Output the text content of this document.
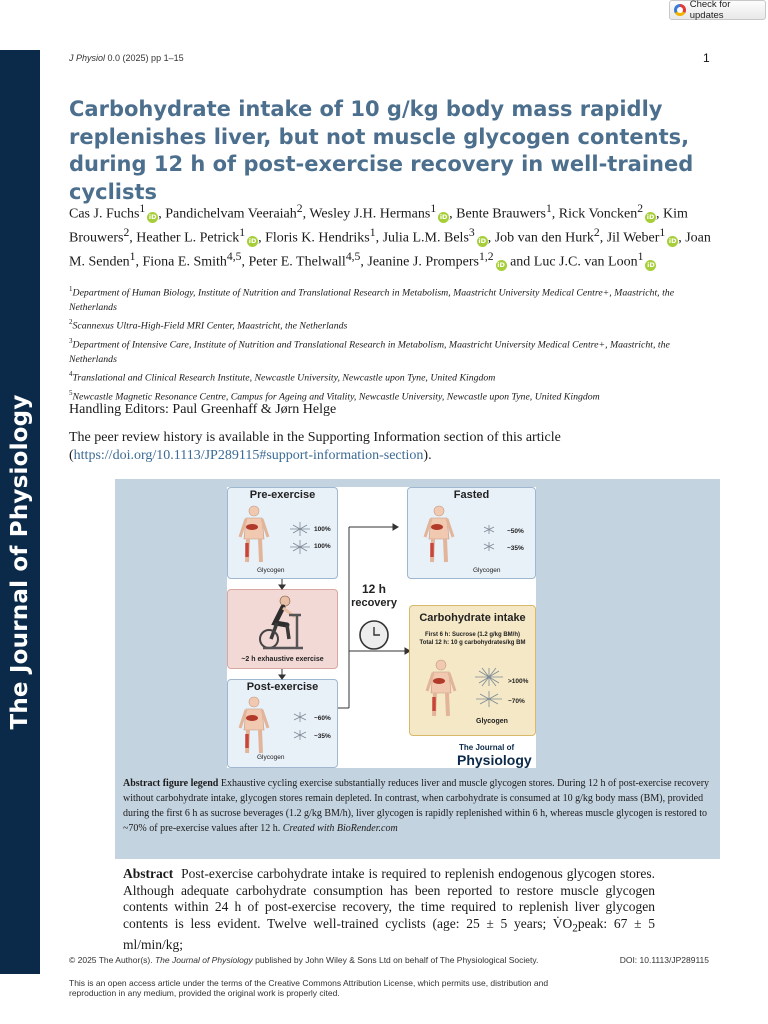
The Journal of Physiology
Check for updates
J Physiol 0.0 (2025) pp 1–15	1
Carbohydrate intake of 10 g/kg body mass rapidly replenishes liver, but not muscle glycogen contents, during 12 h of post-exercise recovery in well-trained cyclists
Cas J. Fuchs$^1$iD , Pandichelvam Veeraiah$^2$, Wesley J.H. Hermans$^1$iD , Bente Brauwers$^1$, Rick Voncken$^2$iD , Kim Brouwers$^2$, Heather L. Petrick$^1$iD , Floris K. Hendriks$^1$, Julia L.M. Bels$^3$iD , Job van den Hurk$^2$, Jil Weber$^1$iD , Joan M. Senden$^1$, Fiona E. Smith$^{4,5}$, Peter E. Thelwall$^{4,5}$, Jeanine J. Prompers$^{1,2}$iD and Luc J.C. van Loon$^1$iD
$^1$Department of Human Biology, Institute of Nutrition and Translational Research in Metabolism, Maastricht University Medical Centre+, Maastricht, the Netherlands
$^2$Scannexus Ultra-High-Field MRI Center, Maastricht, the Netherlands
$^3$Department of Intensive Care, Institute of Nutrition and Translational Research in Metabolism, Maastricht University Medical Centre+, Maastricht, the Netherlands
$^4$Translational and Clinical Research Institute, Newcastle University, Newcastle upon Tyne, United Kingdom
$^5$Newcastle Magnetic Resonance Centre, Campus for Ageing and Vitality, Newcastle University, Newcastle upon Tyne, United Kingdom
Handling Editors: Paul Greenhaff & Jørn Helge
The peer review history is available in the Supporting Information section of this article
(https://doi.org/10.1113/JP289115#support-information-section).
Pre-exercise
100%
100%
Glycogen
~2 h exhaustive exercise
Post-exercise
~60%
~35%
Glycogen
12 h
recovery
Fasted
~50%
~35%
Glycogen
Carbohydrate intake
First 6 h: Sucrose (1.2 g/kg BM/h)
Total 12 h: 10 g carbohydrates/kg BM
>100%
~70%
Glycogen
The Journal of
Physiology
Abstract figure legend Exhaustive cycling exercise substantially reduces liver and muscle glycogen stores. During 12 h of post-exercise recovery without carbohydrate intake, glycogen stores remain depleted. In contrast, when carbohydrate is consumed at 10 g/kg body mass (BM), provided during the first 6 h as sucrose beverages (1.2 g/kg BM/h), liver glycogen is rapidly replenished within 6 h, whereas muscle glycogen is restored to ~70% of pre-exercise values after 12 h. Created with BioRender.com
Abstract Post-exercise carbohydrate intake is required to replenish endogenous glycogen stores. Although adequate carbohydrate consumption has been reported to restore muscle glycogen contents within 24 h of post-exercise recovery, the time required to replenish liver glycogen contents is less evident. Twelve well-trained cyclists (age: 25 ± 5 years; $V̇O_2peak$: 67 ± 5 ml/min/kg;
© 2025 The Author(s). The Journal of Physiology published by John Wiley & Sons Ltd on behalf of The Physiological Society.	DOI: 10.1113/JP289115
This is an open access article under the terms of the Creative Commons Attribution License, which permits use, distribution and reproduction in any medium, provided the original work is properly cited.
